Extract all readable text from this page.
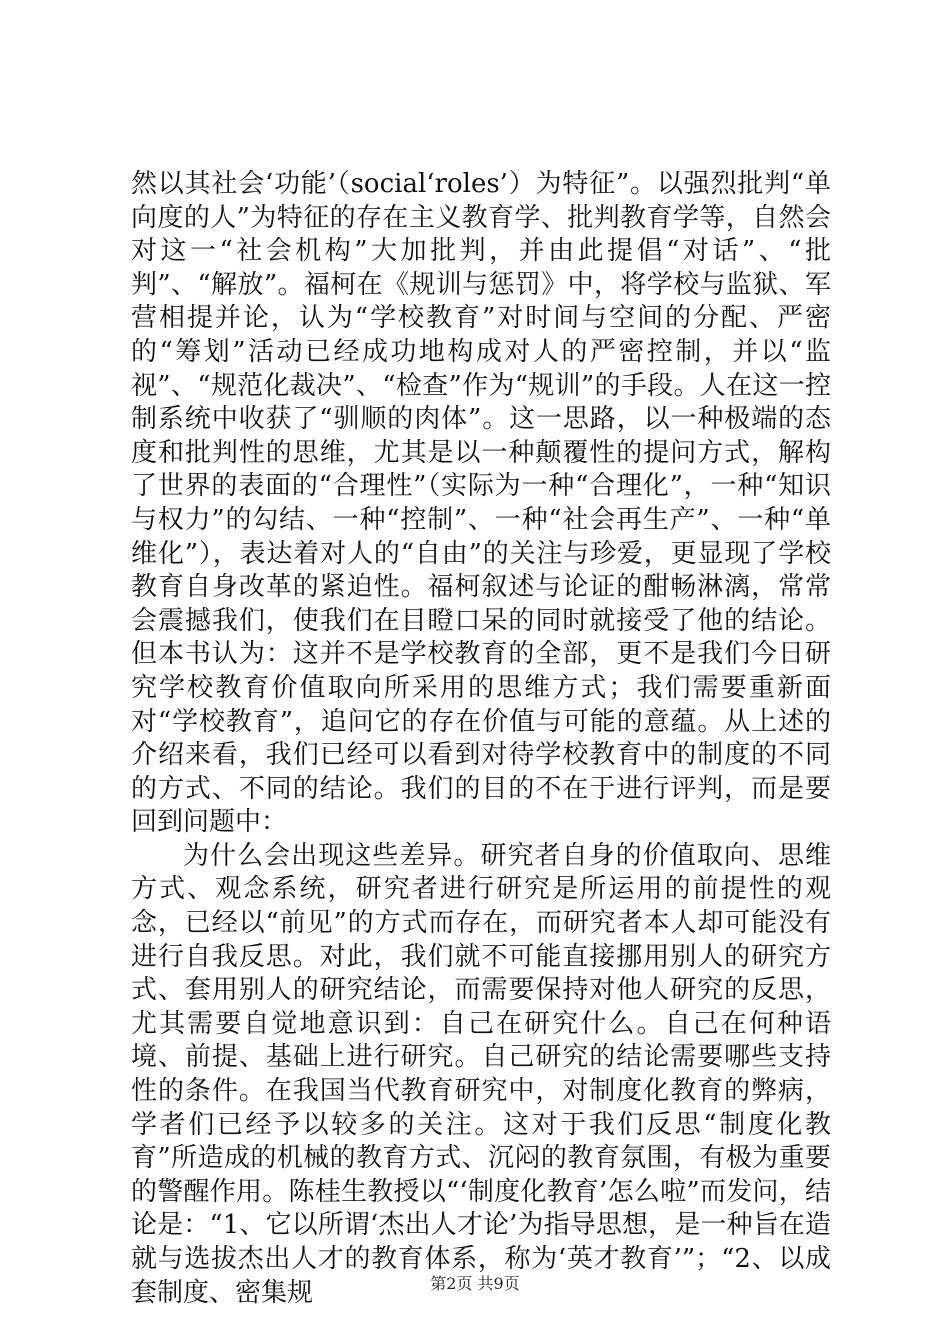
然以其社会‘功能’（social‘roles’）为特征”。以强烈批判“单向度的人”为特征的存在主义教育学、批判教育学等，自然会对这一“社会机构”大加批判，并由此提倡“对话”、“批判”、“解放”。福柯在《规训与惩罚》中，将学校与监狱、军营相提并论，认为“学校教育”对时间与空间的分配、严密的“筹划”活动已经成功地构成对人的严密控制，并以“监视”、“规范化裁决”、“检查”作为“规训”的手段。人在这一控制系统中收获了“驯顺的肉体”。这一思路，以一种极端的态度和批判性的思维，尤其是以一种颠覆性的提问方式，解构了世界的表面的“合理性”（实际为一种“合理化”，一种“知识与权力”的勾结、一种“控制”、一种“社会再生产”、一种“单维化”），表达着对人的“自由”的关注与珍爱，更显现了学校教育自身改革的紧迫性。福柯叙述与论证的酣畅淋漓，常常会震撼我们，使我们在目瞪口呆的同时就接受了他的结论。但本书认为：这并不是学校教育的全部，更不是我们今日研究学校教育价值取向所采用的思维方式；我们需要重新面对“学校教育”，追问它的存在价值与可能的意蕴。从上述的介绍来看，我们已经可以看到对待学校教育中的制度的不同的方式、不同的结论。我们的目的不在于进行评判，而是要回到问题中：

为什么会出现这些差异。研究者自身的价值取向、思维方式、观念系统，研究者进行研究是所运用的前提性的观念，已经以“前见”的方式而存在，而研究者本人却可能没有进行自我反思。对此，我们就不可能直接挪用别人的研究方式、套用别人的研究结论，而需要保持对他人研究的反思，尤其需要自觉地意识到：自己在研究什么。自己在何种语境、前提、基础上进行研究。自己研究的结论需要哪些支持性的条件。在我国当代教育研究中，对制度化教育的弊病，学者们已经予以较多的关注。这对于我们反思“制度化教育”所造成的机械的教育方式、沉闷的教育氛围，有极为重要的警醒作用。陈桂生教授以“‘制度化教育’怎么啦”而发问，结论是：“1、它以所谓‘杰出人才论’为指导思想，是一种旨在造就与选拔杰出人才的教育体系，称为‘英才教育’”；“2、以成套制度、密集规	第2页 共9页
